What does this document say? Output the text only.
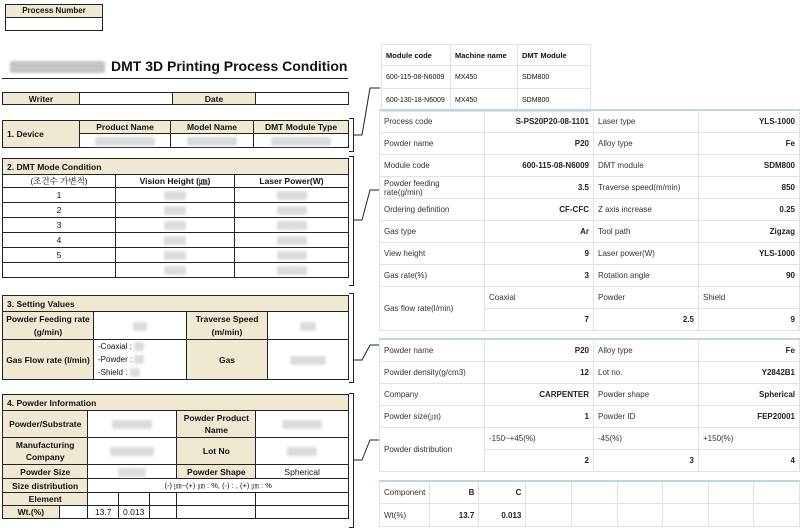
Process Number
DMT 3D Printing Process Condition
Writer		Date	
1. Device	Product Name	Model Name	DMT Module Type

2. DMT Mode Condition		
(조건수 가변적)	Vision Height (㎛)	Laser Power(W)
1		
2		
3		
4		
5		

3. Setting Values			
Powder Feeding rate (g/min)		Traverse Speed (m/min)	
Gas Flow rate (l/min)	-Coaxial :
-Powder :
-Shield :	Gas	
4. Powder Information						
Powder/Substrate					Powder Product Name	
Manufacturing Company					Lot No	
Powder Size					Powder Shape	Spherical
Size distribution		(-) ㎛~(+) ㎛ : %, (-) : , (+) ㎛ : %				
Element						
Wt.(%)		13.7	0.013			
Module code	Machine name	DMT Module
600-115-08-N6009	MX450	SDM800
600-130-18-N6009	MX450	SDM800
Process code	S-PS20P20-08-1101	Laser type	YLS-1000
Powder name	P20	Alloy type	Fe
Module code	600-115-08-N6009	DMT module	SDM800
Powder feeding rate(g/min)	3.5	Traverse speed(m/min)	850
Ordering definition	CF-CFC	Z axis increase	0.25
Gas type	Ar	Tool path	Zigzag
View height	9	Laser power(W)	YLS-1000
Gas rate(%)	3	Rotation angle	90
Gas flow rate(l/min)	Coaxial	Powder	Shield
	7	2.5	9
Powder name	P20	Alloy type	Fe
Powder density(g/cm3)	12	Lot no.	Y2842B1
Company	CARPENTER	Powder shape	Spherical
Powder size(㎛)	1	Powder ID	FEP20001
Powder distribution	-150~+45(%)	-45(%)	+150(%)
	2	3	4
Component	B	C						
Wt(%)	13.7	0.013						
